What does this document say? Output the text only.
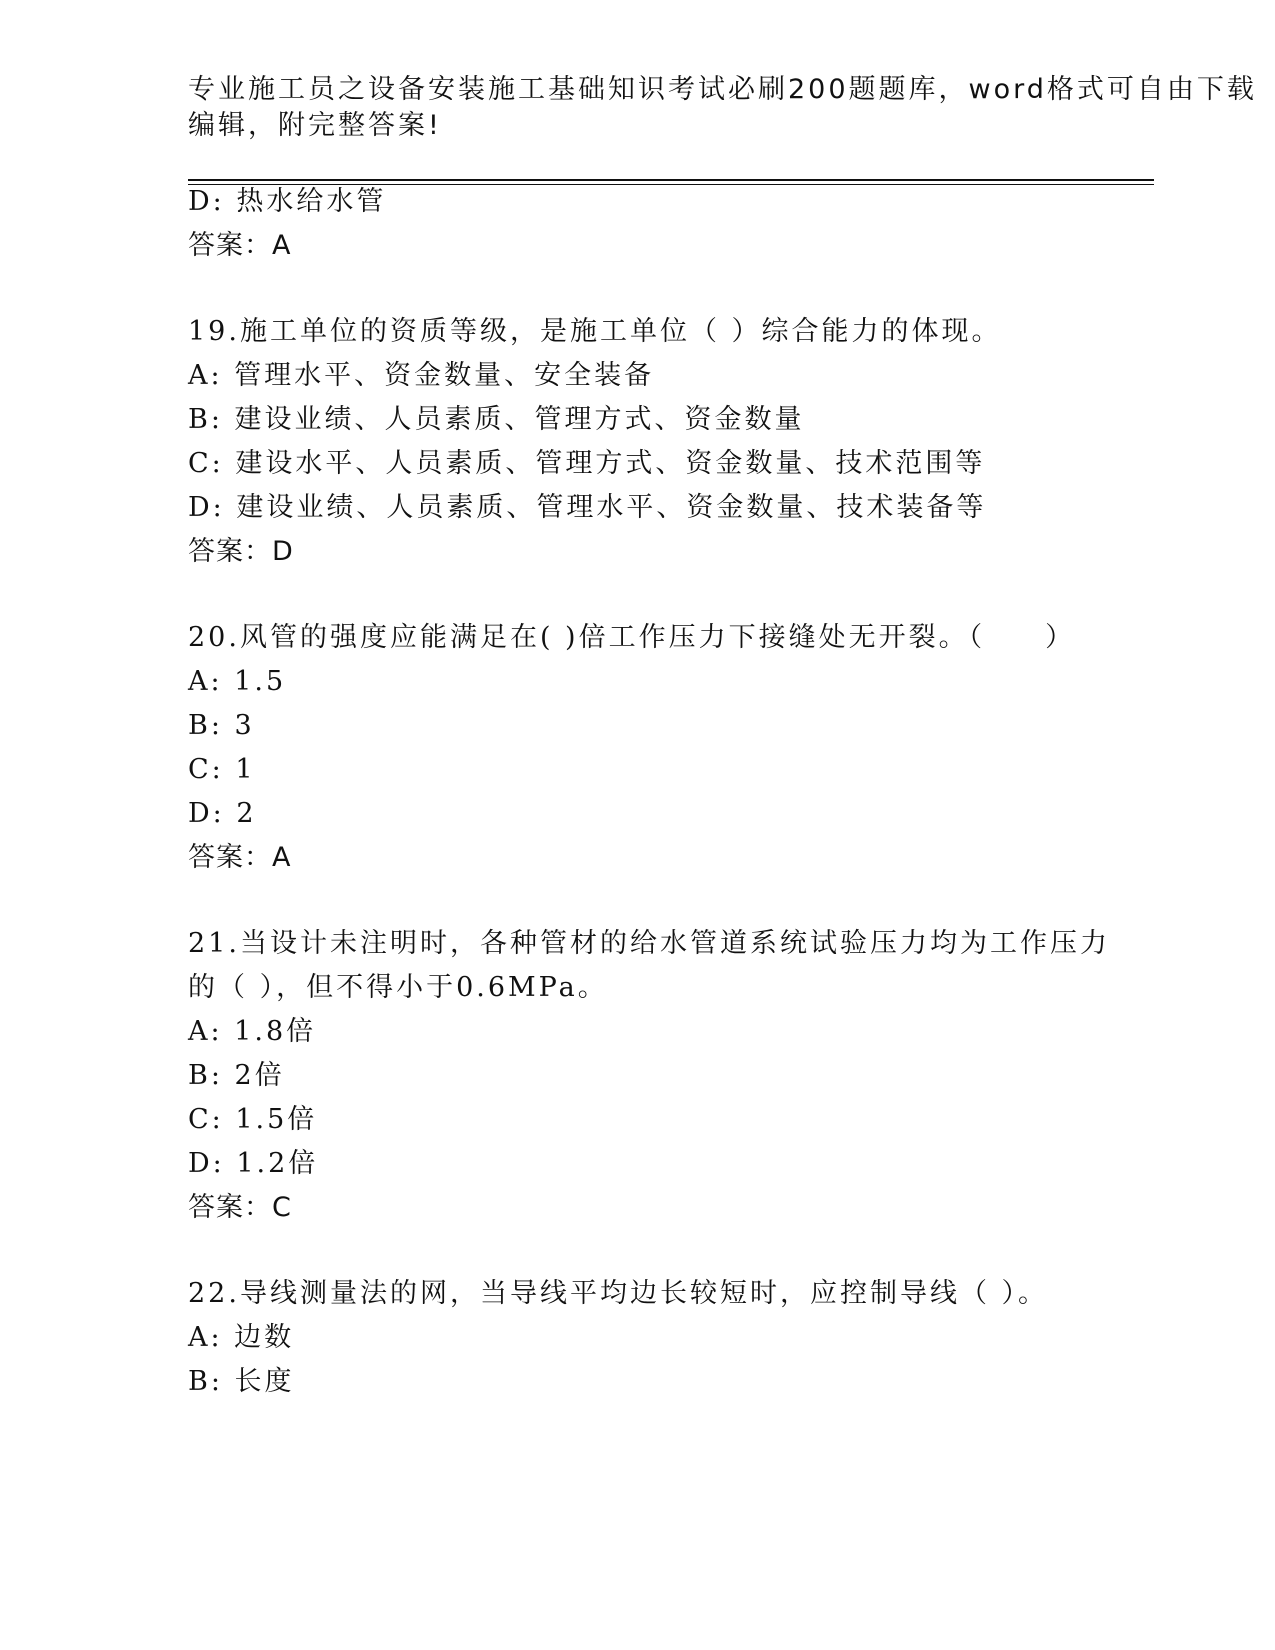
专业施工员之设备安装施工基础知识考试必刷200题题库，word格式可自由下载
编辑，附完整答案!
D: 热水给水管
答案：A
19.施工单位的资质等级，是施工单位（ ）综合能力的体现。
A: 管理水平、资金数量、安全装备
B: 建设业绩、人员素质、管理方式、资金数量
C: 建设水平、人员素质、管理方式、资金数量、技术范围等
D: 建设业绩、人员素质、管理水平、资金数量、技术装备等
答案：D
20.风管的强度应能满足在( )倍工作压力下接缝处无开裂。（　　）
A: 1.5
B: 3
C: 1
D: 2
答案：A
21.当设计未注明时，各种管材的给水管道系统试验压力均为工作压力
的（ ），但不得小于0.6MPa。
A: 1.8倍
B: 2倍
C: 1.5倍
D: 1.2倍
答案：C
22.导线测量法的网，当导线平均边长较短时，应控制导线（ ）。
A: 边数
B: 长度
